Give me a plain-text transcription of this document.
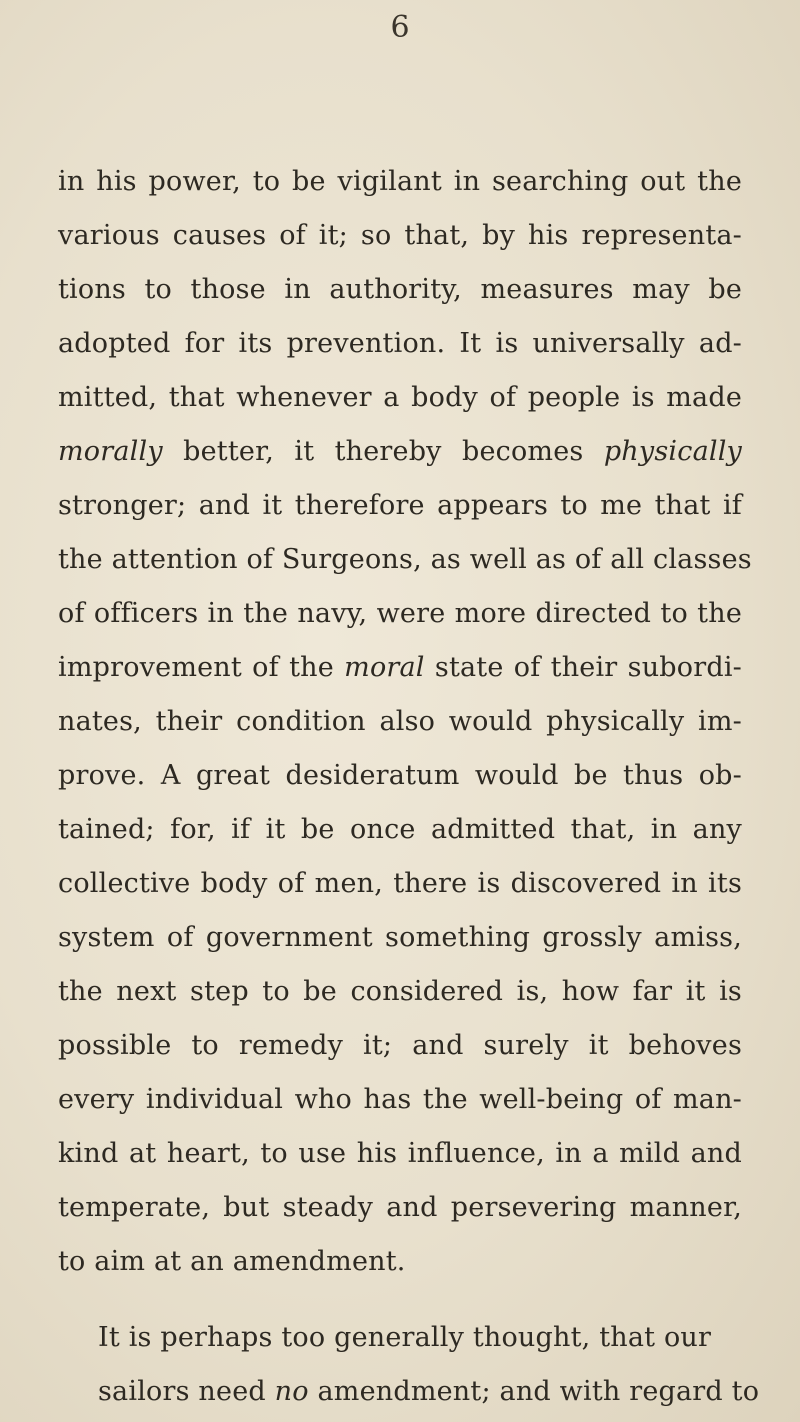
6
in his power, to be vigilant in searching out the
various causes of it; so that, by his representa-
tions to those in authority, measures may be
adopted for its prevention. It is universally ad-
mitted, that whenever a body of people is made
morally better, it thereby becomes physically
stronger; and it therefore appears to me that if
the attention of Surgeons, as well as of all classes
of officers in the navy, were more directed to the
improvement of the moral state of their subordi-
nates, their condition also would physically im-
prove. A great desideratum would be thus ob-
tained; for, if it be once admitted that, in any
collective body of men, there is discovered in its
system of government something grossly amiss,
the next step to be considered is, how far it is
possible to remedy it; and surely it behoves
every individual who has the well-being of man-
kind at heart, to use his influence, in a mild and
temperate, but steady and persevering manner,
to aim at an amendment.
It is perhaps too generally thought, that our
sailors need no amendment; and with regard to
